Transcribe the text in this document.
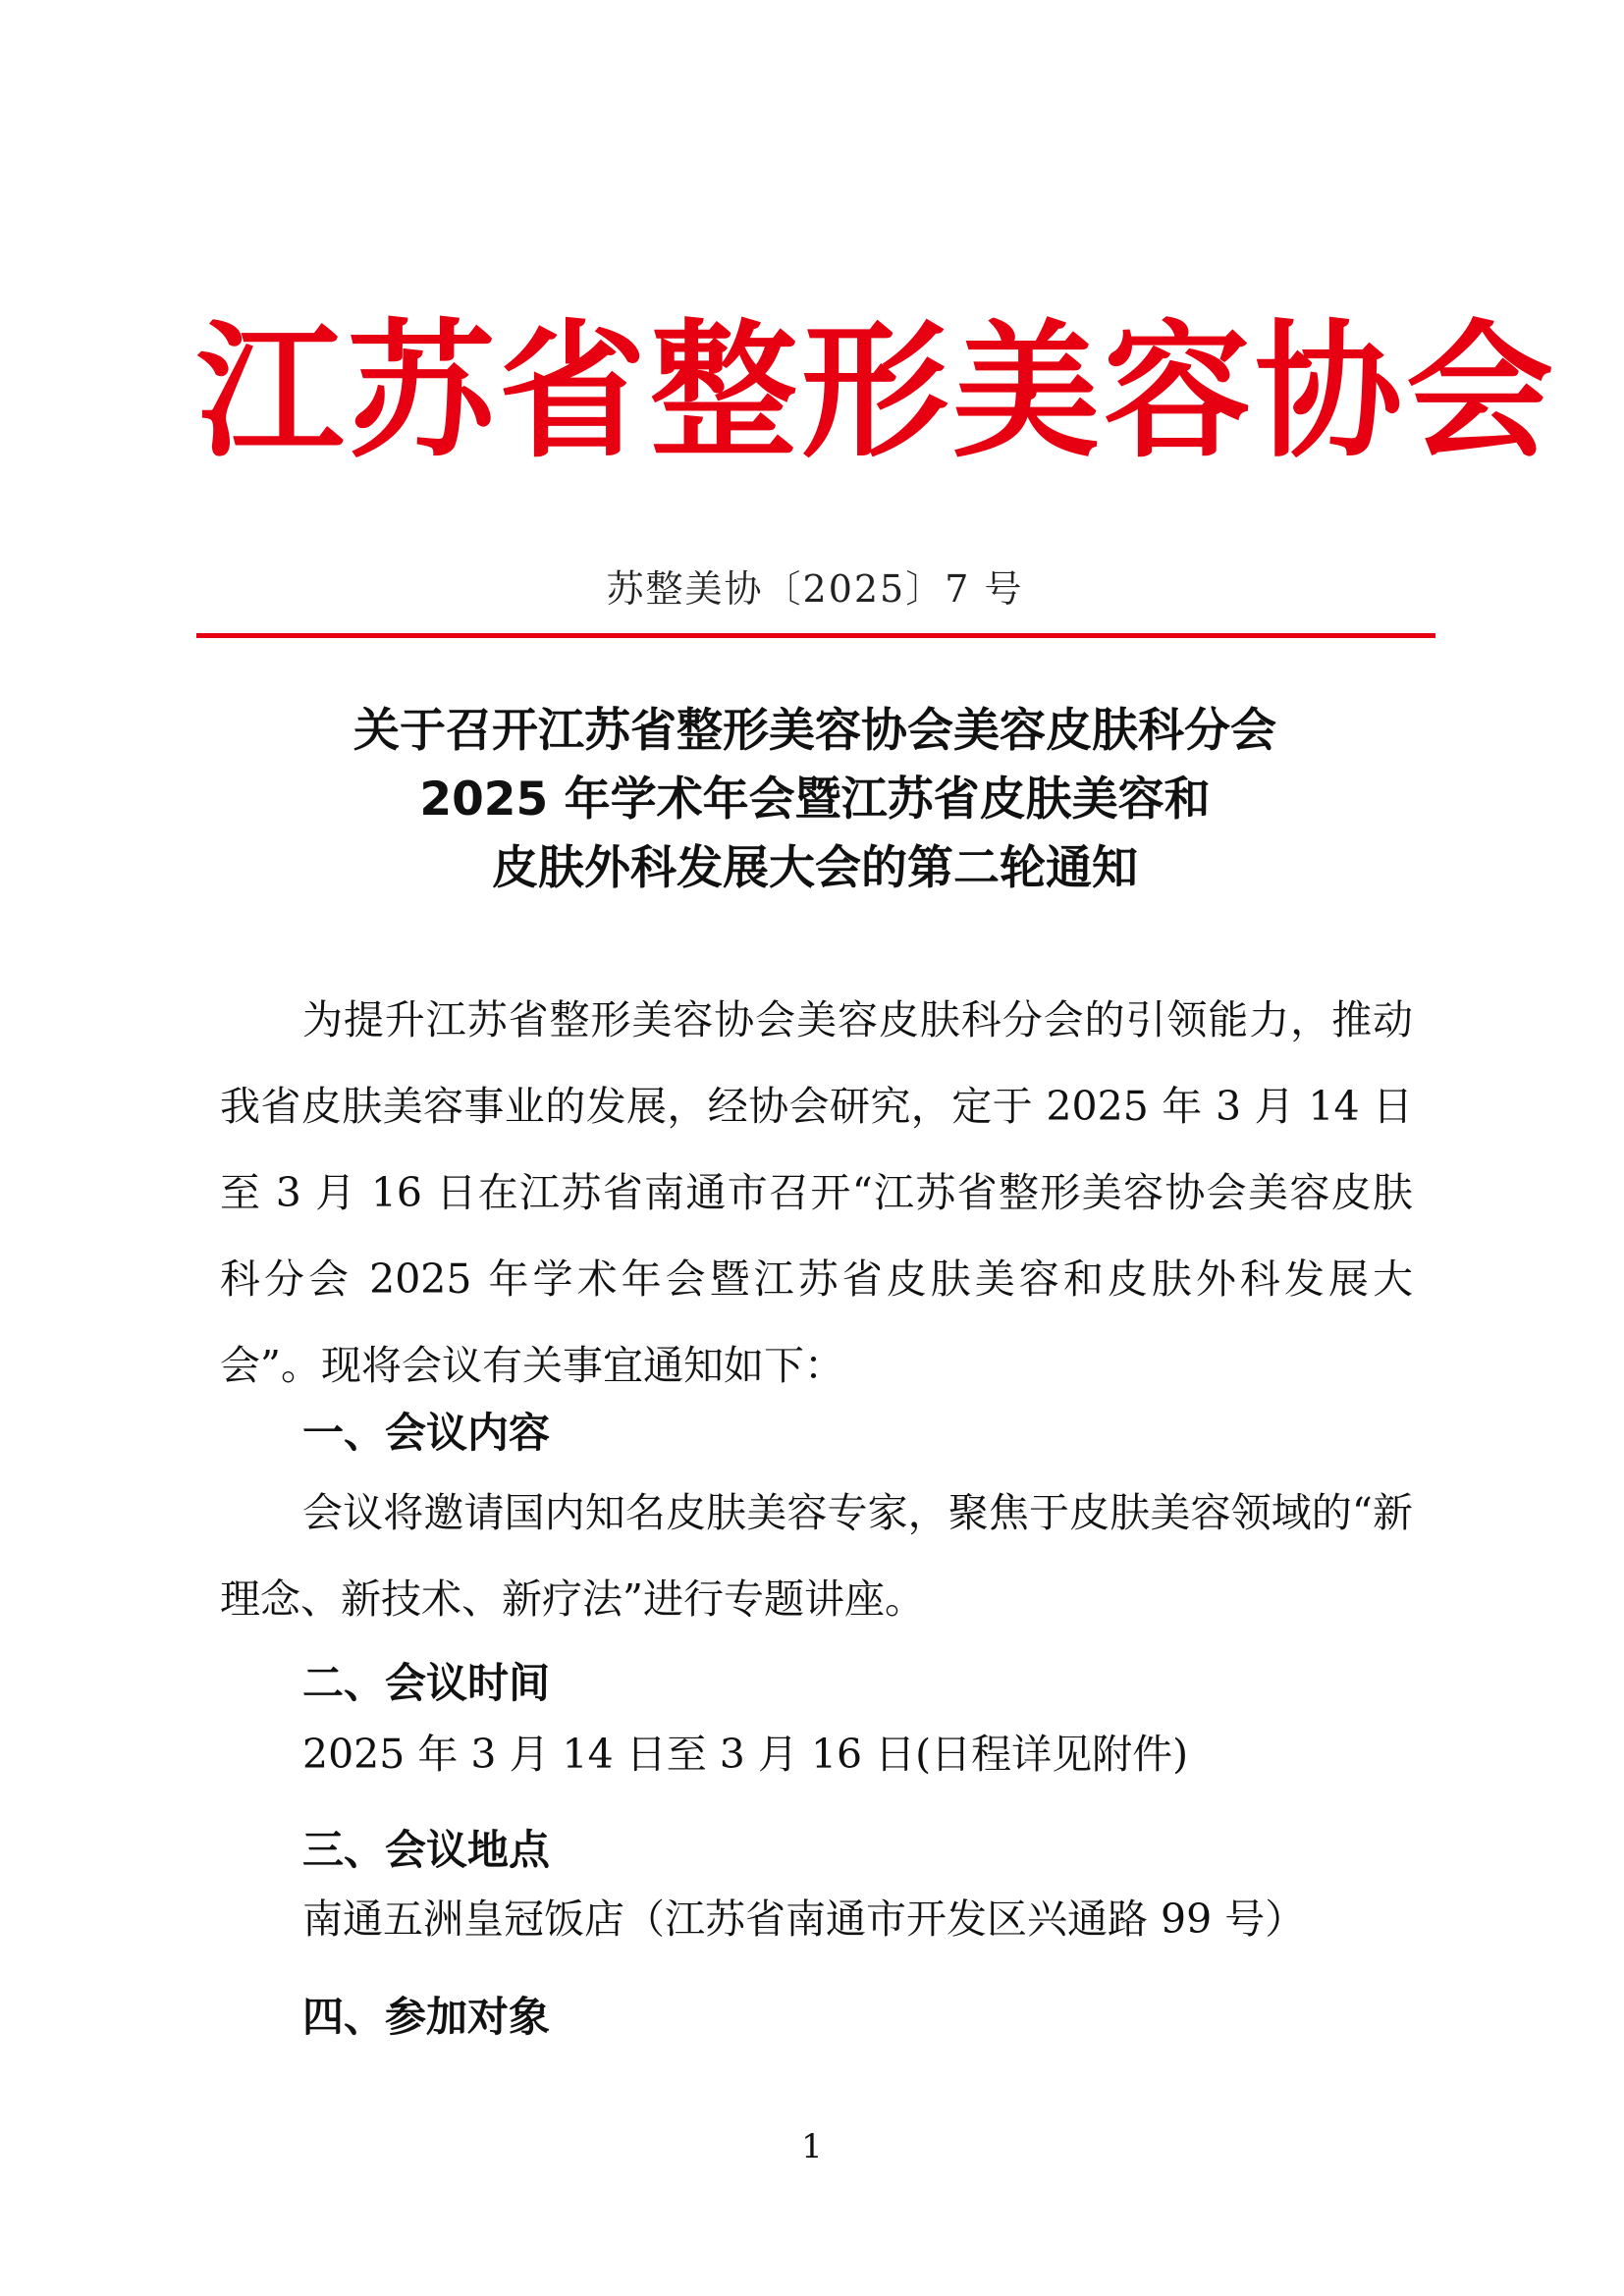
江苏省整形美容协会
苏整美协〔2025〕7 号
关于召开江苏省整形美容协会美容皮肤科分会
2025 年学术年会暨江苏省皮肤美容和
皮肤外科发展大会的第二轮通知
为提升江苏省整形美容协会美容皮肤科分会的引领能力，推动我省皮肤美容事业的发展，经协会研究，定于 2025 年 3 月 14 日至 3 月 16 日在江苏省南通市召开“江苏省整形美容协会美容皮肤科分会 2025 年学术年会暨江苏省皮肤美容和皮肤外科发展大会”。现将会议有关事宜通知如下：
一、会议内容
会议将邀请国内知名皮肤美容专家，聚焦于皮肤美容领域的“新理念、新技术、新疗法”进行专题讲座。
二、会议时间
2025 年 3 月 14 日至 3 月 16 日(日程详见附件)
三、会议地点
南通五洲皇冠饭店（江苏省南通市开发区兴通路 99 号）
四、参加对象
1
